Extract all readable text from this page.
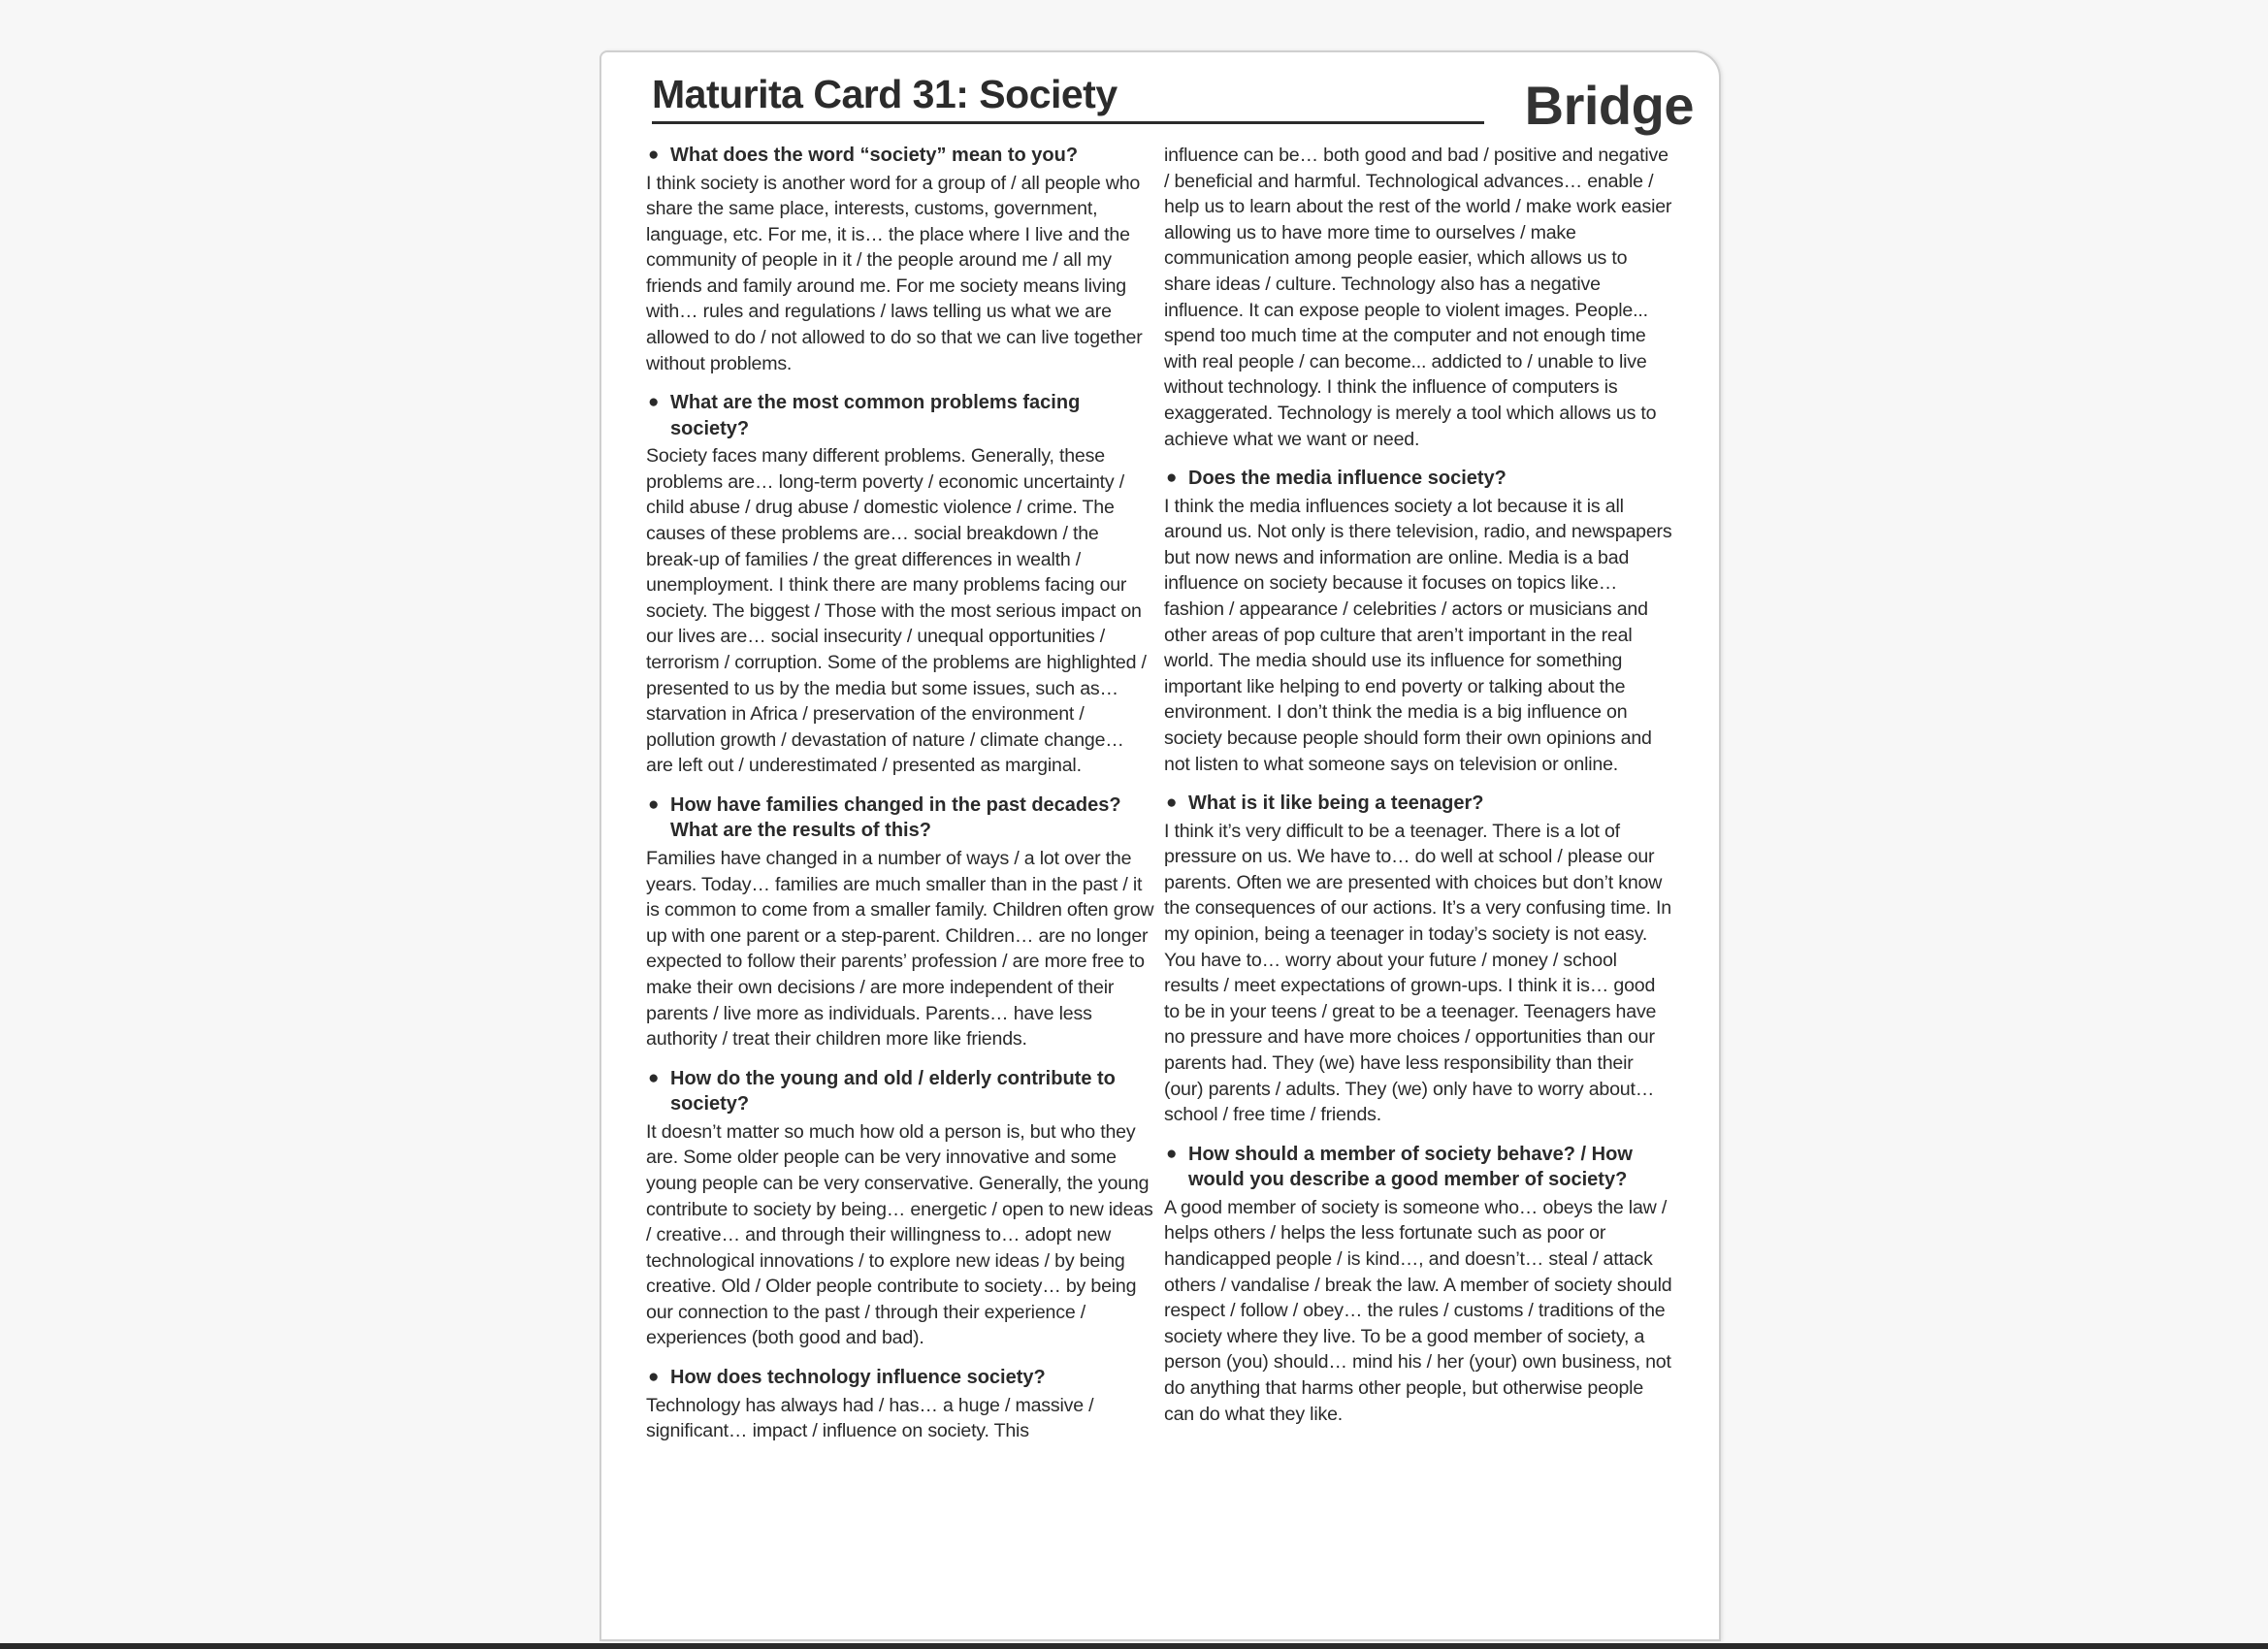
Maturita Card 31: Society	Bridge

● What does the word “society” mean to you?

I think society is another word for a group of / all people who share the same place, interests, customs, government, language, etc. For me, it is… the place where I live and the community of people in it / the people around me / all my friends and family around me. For me society means living with… rules and regulations / laws telling us what we are allowed to do / not allowed to do so that we can live together without problems.

● What are the most common problems facing society?

Society faces many different problems. Generally, these problems are… long-term poverty / economic uncertainty / child abuse / drug abuse / domestic violence / crime. The causes of these problems are… social breakdown / the break-up of families / the great differences in wealth / unemployment. I think there are many problems facing our society. The biggest / Those with the most serious impact on our lives are… social insecurity / unequal opportunities / terrorism / corruption. Some of the problems are highlighted / presented to us by the media but some issues, such as… starvation in Africa / preservation of the environment / pollution growth / devastation of nature / climate change… are left out / underestimated / presented as marginal.

● How have families changed in the past decades? What are the results of this?

Families have changed in a number of ways / a lot over the years. Today… families are much smaller than in the past / it is common to come from a smaller family. Children often grow up with one parent or a step-parent. Children… are no longer expected to follow their parents’ profession / are more free to make their own decisions / are more independent of their parents / live more as individuals. Parents… have less authority / treat their children more like friends.

● How do the young and old / elderly contribute to society?

It doesn’t matter so much how old a person is, but who they are. Some older people can be very innovative and some young people can be very conservative. Generally, the young contribute to society by being… energetic / open to new ideas / creative… and through their willingness to… adopt new technological innovations / to explore new ideas / by being creative. Old / Older people contribute to society… by being our connection to the past / through their experience / experiences (both good and bad).

● How does technology influence society?

Technology has always had / has… a huge / massive / significant… impact / influence on society. This

influence can be… both good and bad / positive and negative / beneficial and harmful. Technological advances… enable / help us to learn about the rest of the world / make work easier allowing us to have more time to ourselves / make communication among people easier, which allows us to share ideas / culture. Technology also has a negative influence. It can expose people to violent images. People... spend too much time at the computer and not enough time with real people / can become... addicted to / unable to live without technology. I think the influence of computers is exaggerated. Technology is merely a tool which allows us to achieve what we want or need.

● Does the media influence society?

I think the media influences society a lot because it is all around us. Not only is there television, radio, and newspapers but now news and information are online. Media is a bad influence on society because it focuses on topics like… fashion / appearance / celebrities / actors or musicians and other areas of pop culture that aren’t important in the real world. The media should use its influence for something important like helping to end poverty or talking about the environment. I don’t think the media is a big influence on society because people should form their own opinions and not listen to what someone says on television or online.

● What is it like being a teenager?

I think it’s very difficult to be a teenager. There is a lot of pressure on us. We have to… do well at school / please our parents. Often we are presented with choices but don’t know the consequences of our actions. It’s a very confusing time. In my opinion, being a teenager in today’s society is not easy. You have to… worry about your future / money / school results / meet expectations of grown-ups. I think it is… good to be in your teens / great to be a teenager. Teenagers have no pressure and have more choices / opportunities than our parents had. They (we) have less responsibility than their (our) parents / adults. They (we) only have to worry about… school / free time / friends.

● How should a member of society behave? / How would you describe a good member of society?

A good member of society is someone who… obeys the law / helps others / helps the less fortunate such as poor or handicapped people / is kind…, and doesn’t… steal / attack others / vandalise / break the law. A member of society should respect / follow / obey… the rules / customs / traditions of the society where they live. To be a good member of society, a person (you) should… mind his / her (your) own business, not do anything that harms other people, but otherwise people can do what they like.
